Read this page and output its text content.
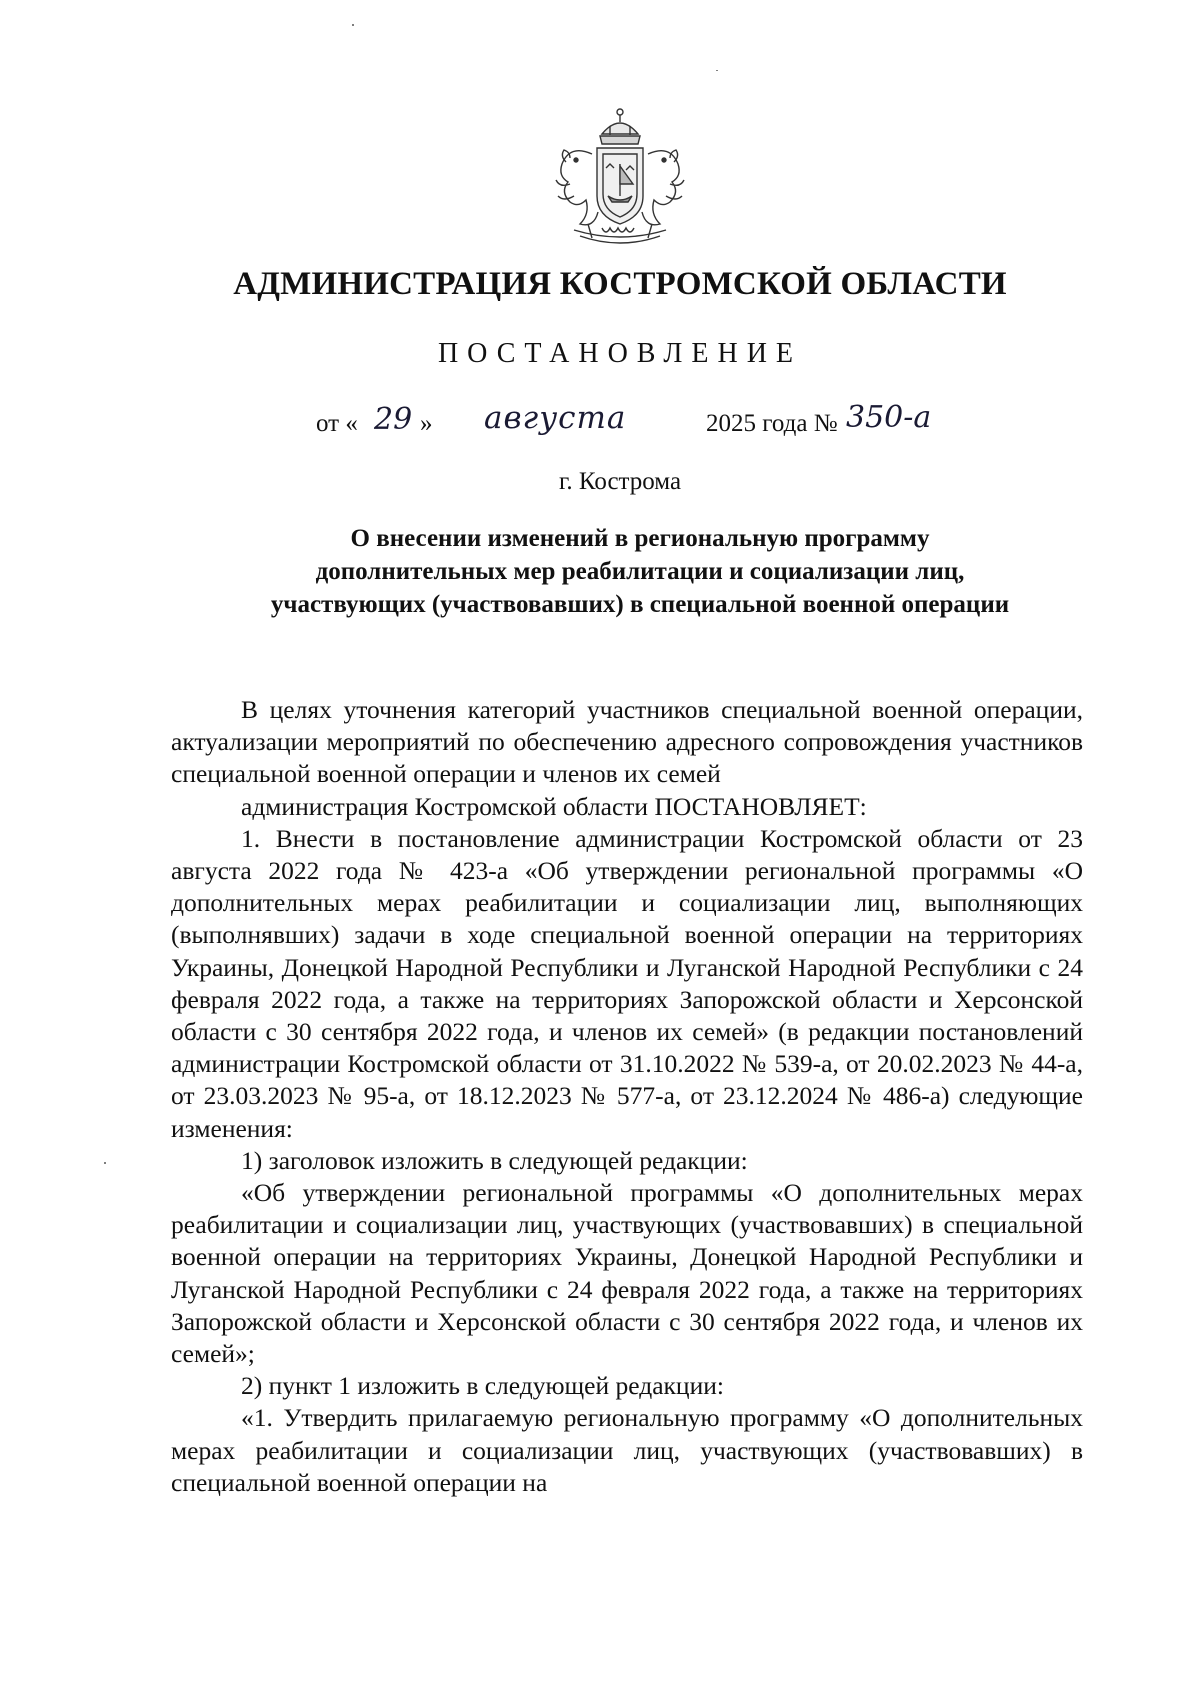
АДМИНИСТРАЦИЯ КОСТРОМСКОЙ ОБЛАСТИ
ПОСТАНОВЛЕНИЕ
от « 29 » августа	2025 года № 350-а
г. Кострома
О внесении изменений в региональную программу
дополнительных мер реабилитации и социализации лиц,
участвующих (участвовавших) в специальной военной операции

В целях уточнения категорий участников специальной военной операции, актуализации мероприятий по обеспечению адресного сопровождения участников специальной военной операции и членов их семей

администрация Костромской области ПОСТАНОВЛЯЕТ:

1. Внести в постановление администрации Костромской области от 23 августа 2022 года № 423-а «Об утверждении региональной программы «О дополнительных мерах реабилитации и социализации лиц, выполняющих (выполнявших) задачи в ходе специальной военной операции на территориях Украины, Донецкой Народной Республики и Луганской Народной Республики с 24 февраля 2022 года, а также на территориях Запорожской области и Херсонской области с 30 сентября 2022 года, и членов их семей» (в редакции постановлений администрации Костромской области от 31.10.2022 № 539-а, от 20.02.2023 № 44-а, от 23.03.2023 № 95-а, от 18.12.2023 № 577-а, от 23.12.2024 № 486-а) следующие изменения:

1) заголовок изложить в следующей редакции:

«Об утверждении региональной программы «О дополнительных мерах реабилитации и социализации лиц, участвующих (участвовавших) в специальной военной операции на территориях Украины, Донецкой Народной Республики и Луганской Народной Республики с 24 февраля 2022 года, а также на территориях Запорожской области и Херсонской области с 30 сентября 2022 года, и членов их семей»;

2) пункт 1 изложить в следующей редакции:

«1. Утвердить прилагаемую региональную программу «О дополнительных мерах реабилитации и социализации лиц, участвующих (участвовавших) в специальной военной операции на
